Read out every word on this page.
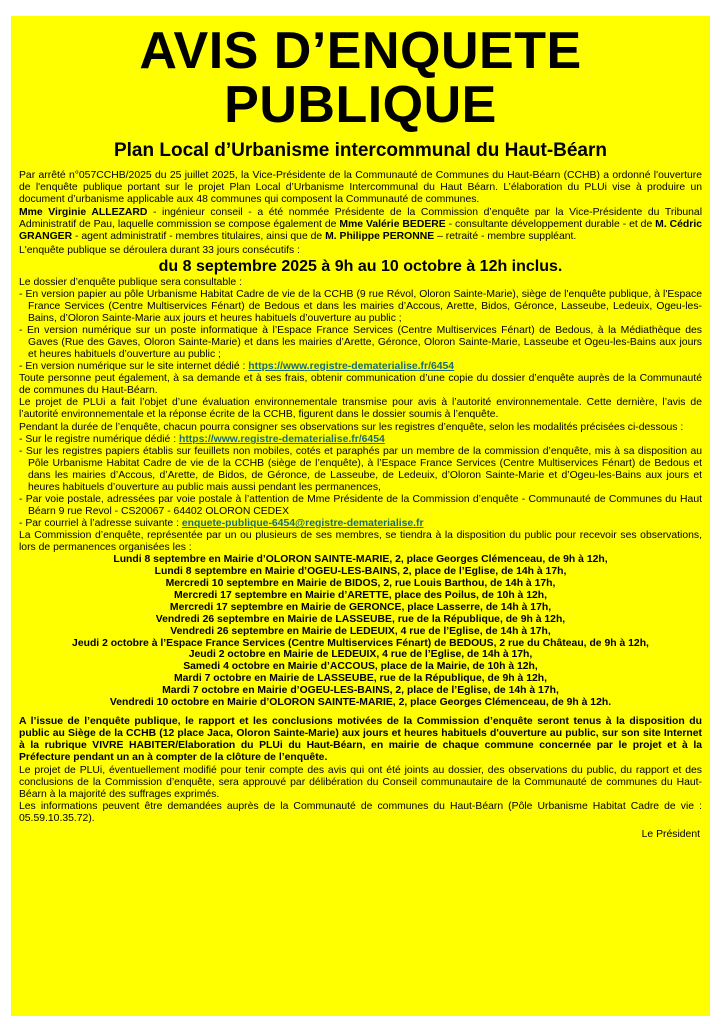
AVIS D’ENQUETE
PUBLIQUE
Plan Local d’Urbanisme intercommunal du Haut-Béarn

Par arrêté n°057CCHB/2025 du 25 juillet 2025, la Vice-Présidente de la Communauté de Communes du Haut-Béarn (CCHB) a ordonné l'ouverture de l'enquête publique portant sur le projet Plan Local d’Urbanisme Intercommunal du Haut Béarn. L’élaboration du PLUi vise à produire un document d’urbanisme applicable aux 48 communes qui composent la Communauté de communes.

Mme Virginie ALLEZARD - ingénieur conseil - a été nommée Présidente de la Commission d’enquête par la Vice-Présidente du Tribunal Administratif de Pau, laquelle commission se compose également de Mme Valérie BEDERE - consultante développement durable - et de M. Cédric GRANGER - agent administratif - membres titulaires, ainsi que de M. Philippe PERONNE – retraité - membre suppléant.

L'enquête publique se déroulera durant 33 jours consécutifs :

du 8 septembre 2025 à 9h au 10 octobre à 12h inclus.

Le dossier d’enquête publique sera consultable :

- En version papier au pôle Urbanisme Habitat Cadre de vie de la CCHB (9 rue Révol, Oloron Sainte-Marie), siège de l'enquête publique, à l'Espace France Services (Centre Multiservices Fénart) de Bedous et dans les mairies d’Accous, Arette, Bidos, Géronce, Lasseube, Ledeuix, Ogeu-les-Bains, d’Oloron Sainte-Marie aux jours et heures habituels d’ouverture au public ;

- En version numérique sur un poste informatique à l’Espace France Services (Centre Multiservices Fénart) de Bedous, à la Médiathèque des Gaves (Rue des Gaves, Oloron Sainte-Marie) et dans les mairies d’Arette, Géronce, Oloron Sainte-Marie, Lasseube et Ogeu-les-Bains aux jours et heures habituels d’ouverture au public ;

- En version numérique sur le site internet dédié : https://www.registre-dematerialise.fr/6454

Toute personne peut également, à sa demande et à ses frais, obtenir communication d’une copie du dossier d’enquête auprès de la Communauté de communes du Haut-Béarn.

Le projet de PLUi a fait l’objet d’une évaluation environnementale transmise pour avis à l’autorité environnementale. Cette dernière, l’avis de l’autorité environnementale et la réponse écrite de la CCHB, figurent dans le dossier soumis à l’enquête.

Pendant la durée de l’enquête, chacun pourra consigner ses observations sur les registres d’enquête, selon les modalités précisées ci-dessous :

- Sur le registre numérique dédié : https://www.registre-dematerialise.fr/6454

- Sur les registres papiers établis sur feuillets non mobiles, cotés et paraphés par un membre de la commission d’enquête, mis à sa disposition au Pôle Urbanisme Habitat Cadre de vie de la CCHB (siège de l’enquête), à l’Espace France Services (Centre Multiservices Fénart) de Bedous et dans les mairies d’Accous, d’Arette, de Bidos, de Géronce, de Lasseube, de Ledeuix, d’Oloron Sainte-Marie et d’Ogeu-les-Bains aux jours et heures habituels d’ouverture au public mais aussi pendant les permanences,

- Par voie postale, adressées par voie postale à l’attention de Mme Présidente de la Commission d’enquête - Communauté de Communes du Haut Béarn 9 rue Revol - CS20067 - 64402 OLORON CEDEX

- Par courriel à l’adresse suivante : enquete-publique-6454@registre-dematerialise.fr

La Commission d’enquête, représentée par un ou plusieurs de ses membres, se tiendra à la disposition du public pour recevoir ses observations, lors de permanences organisées les :

Lundi 8 septembre en Mairie d’OLORON SAINTE-MARIE, 2, place Georges Clémenceau, de 9h à 12h,

Lundi 8 septembre en Mairie d’OGEU-LES-BAINS, 2, place de l’Eglise, de 14h à 17h,

Mercredi 10 septembre en Mairie de BIDOS, 2, rue Louis Barthou, de 14h à 17h,

Mercredi 17 septembre en Mairie d’ARETTE, place des Poilus, de 10h à 12h,

Mercredi 17 septembre en Mairie de GERONCE, place Lasserre, de 14h à 17h,

Vendredi 26 septembre en Mairie de LASSEUBE, rue de la République, de 9h à 12h,

Vendredi 26 septembre en Mairie de LEDEUIX, 4 rue de l’Eglise, de 14h à 17h,

Jeudi 2 octobre à l’Espace France Services (Centre Multiservices Fénart) de BEDOUS, 2 rue du Château, de 9h à 12h,

Jeudi 2 octobre en Mairie de LEDEUIX, 4 rue de l’Eglise, de 14h à 17h,

Samedi 4 octobre en Mairie d’ACCOUS, place de la Mairie, de 10h à 12h,

Mardi 7 octobre en Mairie de LASSEUBE, rue de la République, de 9h à 12h,

Mardi 7 octobre en Mairie d’OGEU-LES-BAINS, 2, place de l’Eglise, de 14h à 17h,

Vendredi 10 octobre en Mairie d’OLORON SAINTE-MARIE, 2, place Georges Clémenceau, de 9h à 12h.

A l’issue de l’enquête publique, le rapport et les conclusions motivées de la Commission d’enquête seront tenus à la disposition du public au Siège de la CCHB (12 place Jaca, Oloron Sainte-Marie) aux jours et heures habituels d'ouverture au public, sur son site Internet à la rubrique VIVRE HABITER/Elaboration du PLUi du Haut-Béarn, en mairie de chaque commune concernée par le projet et à la Préfecture pendant un an à compter de la clôture de l’enquête.

Le projet de PLUi, éventuellement modifié pour tenir compte des avis qui ont été joints au dossier, des observations du public, du rapport et des conclusions de la Commission d’enquête, sera approuvé par délibération du Conseil communautaire de la Communauté de communes du Haut-Béarn à la majorité des suffrages exprimés.

Les informations peuvent être demandées auprès de la Communauté de communes du Haut-Béarn (Pôle Urbanisme Habitat Cadre de vie : 05.59.10.35.72).

Le Président
